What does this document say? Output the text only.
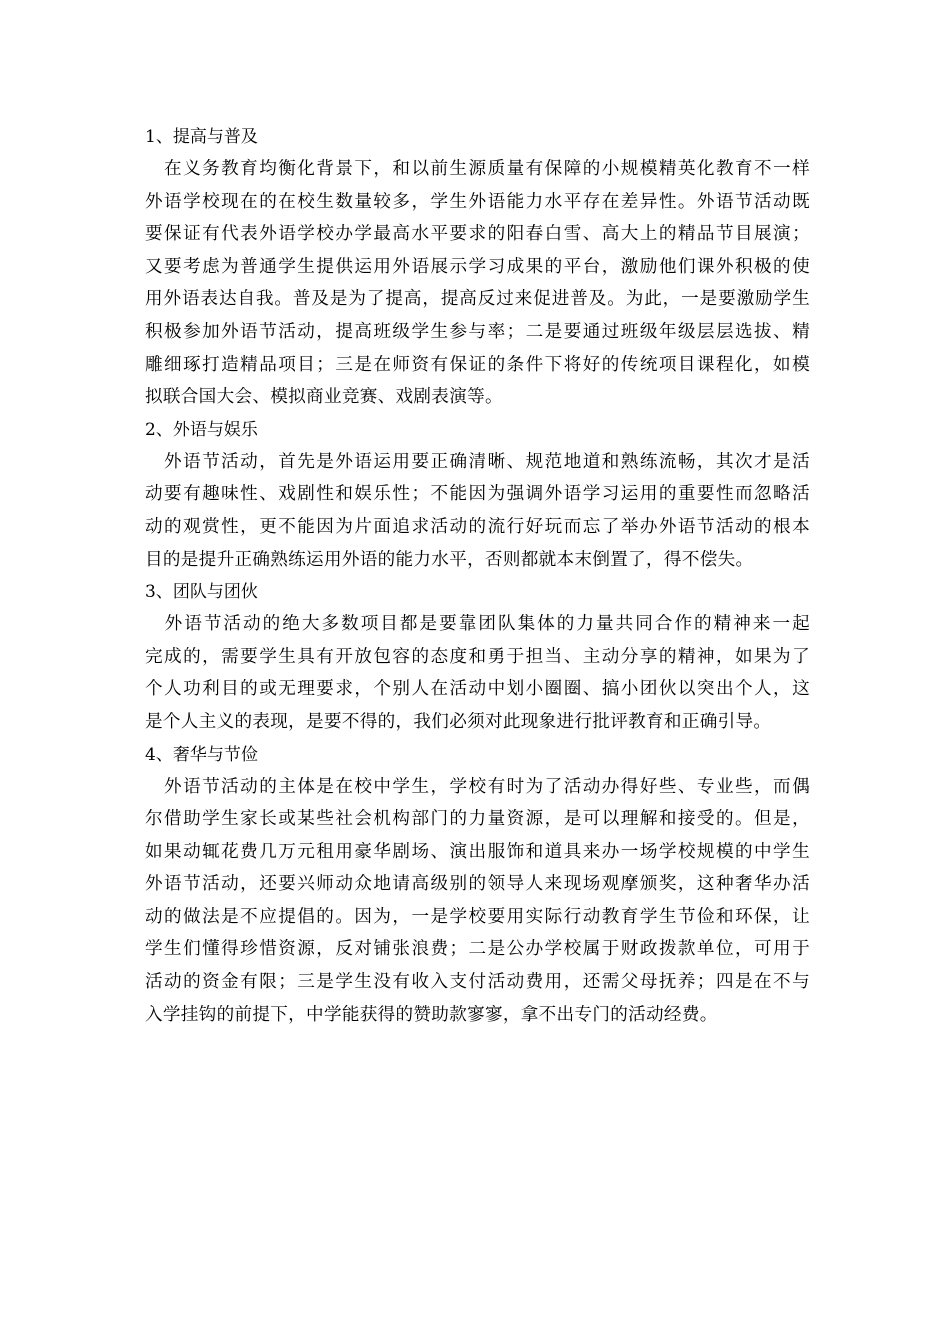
1、提高与普及

　在义务教育均衡化背景下，和以前生源质量有保障的小规模精英化教育不一样
外语学校现在的在校生数量较多，学生外语能力水平存在差异性。外语节活动既
要保证有代表外语学校办学最高水平要求的阳春白雪、高大上的精品节目展演；
又要考虑为普通学生提供运用外语展示学习成果的平台，激励他们课外积极的使
用外语表达自我。普及是为了提高，提高反过来促进普及。为此，一是要激励学生
积极参加外语节活动，提高班级学生参与率；二是要通过班级年级层层选拔、精
雕细琢打造精品项目；三是在师资有保证的条件下将好的传统项目课程化，如模
拟联合国大会、模拟商业竞赛、戏剧表演等。

2、外语与娱乐

　外语节活动，首先是外语运用要正确清晰、规范地道和熟练流畅，其次才是活
动要有趣味性、戏剧性和娱乐性；不能因为强调外语学习运用的重要性而忽略活
动的观赏性，更不能因为片面追求活动的流行好玩而忘了举办外语节活动的根本
目的是提升正确熟练运用外语的能力水平，否则都就本末倒置了，得不偿失。

3、团队与团伙

　外语节活动的绝大多数项目都是要靠团队集体的力量共同合作的精神来一起
完成的，需要学生具有开放包容的态度和勇于担当、主动分享的精神，如果为了
个人功利目的或无理要求，个别人在活动中划小圈圈、搞小团伙以突出个人，这
是个人主义的表现，是要不得的，我们必须对此现象进行批评教育和正确引导。

4、奢华与节俭

　外语节活动的主体是在校中学生，学校有时为了活动办得好些、专业些，而偶
尔借助学生家长或某些社会机构部门的力量资源，是可以理解和接受的。但是，
如果动辄花费几万元租用豪华剧场、演出服饰和道具来办一场学校规模的中学生
外语节活动，还要兴师动众地请高级别的领导人来现场观摩颁奖，这种奢华办活
动的做法是不应提倡的。因为，一是学校要用实际行动教育学生节俭和环保，让
学生们懂得珍惜资源，反对铺张浪费；二是公办学校属于财政拨款单位，可用于
活动的资金有限；三是学生没有收入支付活动费用，还需父母抚养；四是在不与
入学挂钩的前提下，中学能获得的赞助款寥寥，拿不出专门的活动经费。
